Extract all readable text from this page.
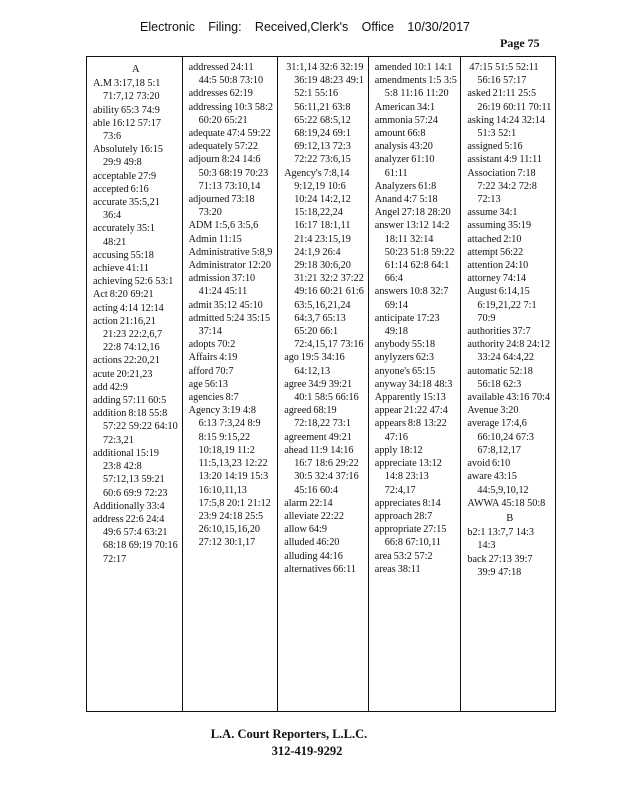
Electronic Filing: Received,Clerk's Office 10/30/2017
Page 75
A
A.M 3:17,18 5:1 71:7,12 73:20
ability 65:3 74:9
able 16:12 57:17 73:6
Absolutely 16:15 29:9 49:8
acceptable 27:9
accepted 6:16
accurate 35:5,21 36:4
accurately 35:1 48:21
accusing 55:18
achieve 41:11
achieving 52:6 53:1
Act 8:20 69:21
acting 4:14 12:14
action 21:16,21 21:23 22:2,6,7 22:8 74:12,16
actions 22:20,21
acute 20:21,23
add 42:9
adding 57:11 60:5
addition 8:18 55:8 57:22 59:22 64:10 72:3,21
additional 15:19 23:8 42:8 57:12,13 59:21 60:6 69:9 72:23
Additionally 33:4
address 22:6 24:4 49:6 57:4 63:21 68:18 69:19 70:16 72:17
addressed 24:11 44:5 50:8 73:10
addresses 62:19
addressing 10:3 58:2 60:20 65:21
adequate 47:4 59:22
adequately 57:22
adjourn 8:24 14:6 50:3 68:19 70:23 71:13 73:10,14
adjourned 73:18 73:20
ADM 1:5,6 3:5,6
Admin 11:15
Administrative 5:8,9
Administrator 12:20
admission 37:10 41:24 45:11
admit 35:12 45:10
admitted 5:24 35:15 37:14
adopts 70:2
Affairs 4:19
afford 70:7
age 56:13
agencies 8:7
Agency 3:19 4:8 6:13 7:3,24 8:9 8:15 9:15,22 10:18,19 11:2 11:5,13,23 12:22 13:20 14:19 15:3 16:10,11,13 17:5,8 20:1 21:12 23:9 24:18 25:5 26:10,15,16,20 27:12 30:1,17
31:1,14 32:6 32:19 36:19 48:23 49:1 52:1 55:16 56:11,21 63:8 65:22 68:5,12 68:19,24 69:1 69:12,13 72:3 72:22 73:6,15
Agency's 7:8,14 9:12,19 10:6 10:24 14:2,12 15:18,22,24 16:17 18:1,11 21:4 23:15,19 24:1,9 26:4 29:18 30:6,20 31:21 32:2 37:22 49:16 60:21 61:6 63:5,16,21,24 64:3,7 65:13 65:20 66:1 72:4,15,17 73:16
ago 19:5 34:16 64:12,13
agree 34:9 39:21 40:1 58:5 66:16
agreed 68:19 72:18,22 73:1
agreement 49:21
ahead 11:9 14:16 16:7 18:6 29:22 30:5 32:4 37:16 45:16 60:4
alarm 22:14
alleviate 22:22
allow 64:9
alluded 46:20
alluding 44:16
alternatives 66:11
amended 10:1 14:1
amendments 1:5 3:5 5:8 11:16 11:20
American 34:1
ammonia 57:24
amount 66:8
analysis 43:20
analyzer 61:10 61:11
Analyzers 61:8
Anand 4:7 5:18
Angel 27:18 28:20
answer 13:12 14:2 18:11 32:14 50:23 51:8 59:22 61:14 62:8 64:1 66:4
answers 10:8 32:7 69:14
anticipate 17:23 49:18
anybody 55:18
anylyzers 62:3
anyone's 65:15
anyway 34:18 48:3
Apparently 15:13
appear 21:22 47:4
appears 8:8 13:22 47:16
apply 18:12
appreciate 13:12 14:8 23:13 72:4,17
appreciates 8:14
approach 28:7
appropriate 27:15 66:8 67:10,11
area 53:2 57:2
areas 38:11
47:15 51:5 52:11 56:16 57:17
asked 21:11 25:5 26:19 60:11 70:11
asking 14:24 32:14 51:3 52:1
assigned 5:16
assistant 4:9 11:11
Association 7:18 7:22 34:2 72:8 72:13
assume 34:1
assuming 35:19
attached 2:10
attempt 56:22
attention 24:10
attorney 74:14
August 6:14,15 6:19,21,22 7:1 70:9
authorities 37:7
authority 24:8 24:12 33:24 64:4,22
automatic 52:18 56:18 62:3
available 43:16 70:4
Avenue 3:20
average 17:4,6 66:10,24 67:3 67:8,12,17
avoid 6:10
aware 43:15 44:5,9,10,12
AWWA 45:18 50:8
B
b2:1 13:7,7 14:3 14:3
back 27:13 39:7 39:9 47:18
L.A. Court Reporters, L.L.C.
312-419-9292
